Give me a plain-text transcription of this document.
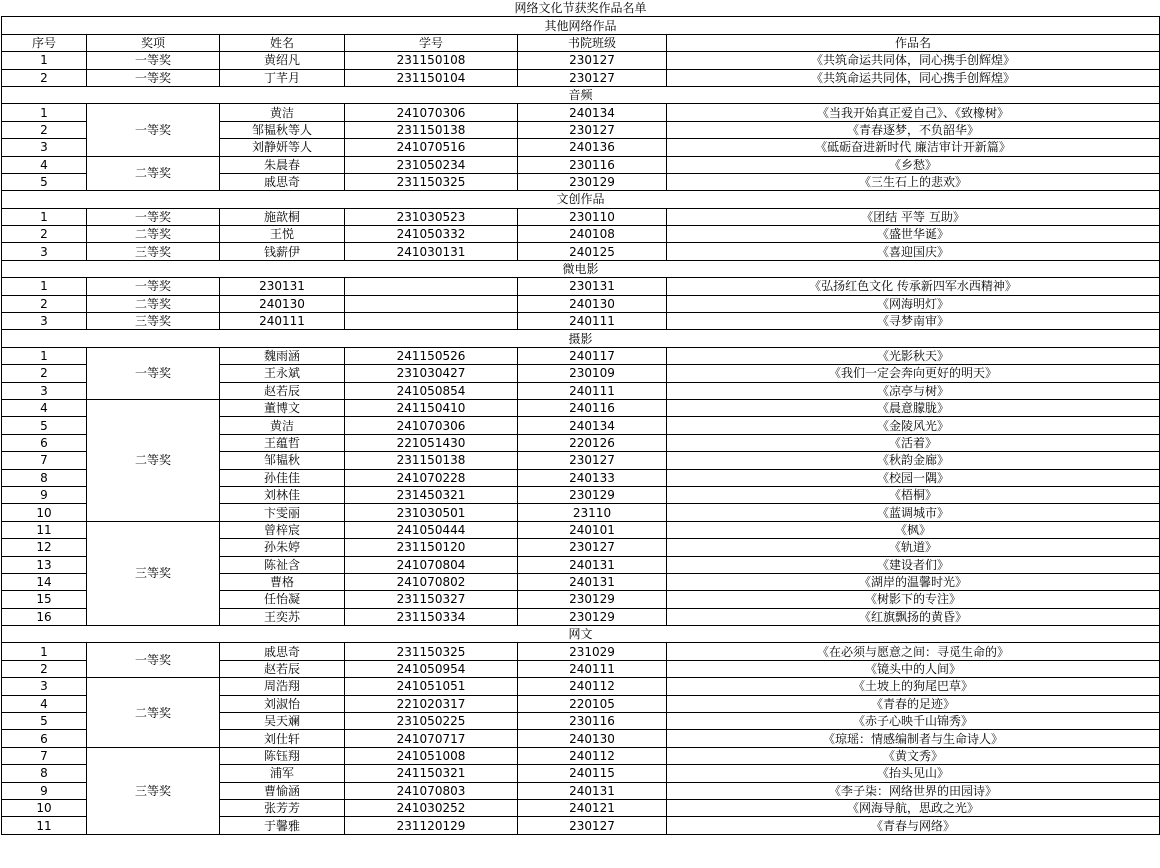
网络文化节获奖作品名单					
其他网络作品					
序号	奖项	姓名	学号	书院班级	作品名
1	一等奖	黄绍凡	231150108	230127	《共筑命运共同体，同心携手创辉煌》
2	一等奖	丁芊月	231150104	230127	《共筑命运共同体，同心携手创辉煌》
音频					
1	一等奖	黄洁	241070306	240134	《当我开始真正爱自己》、《致橡树》
2		邹韫秋等人	231150138	230127	《青春逐梦，不负韶华》
3		刘静妍等人	241070516	240136	《砥砺奋进新时代 廉洁审计开新篇》
4	二等奖	朱晨春	231050234	230116	《乡愁》
5		戚思奇	231150325	230129	《三生石上的悲欢》
文创作品					
1	一等奖	施歆桐	231030523	230110	《团结 平等 互助》
2	二等奖	王悦	241050332	240108	《盛世华诞》
3	三等奖	钱薪伊	241030131	240125	《喜迎国庆》
微电影					
1	一等奖	230131		230131	《弘扬红色文化 传承新四军水西精神》
2	二等奖	240130		240130	《网海明灯》
3	三等奖	240111		240111	《寻梦南审》
摄影					
1	一等奖	魏雨涵	241150526	240117	《光影秋天》
2		王永斌	231030427	230109	《我们一定会奔向更好的明天》
3		赵若辰	241050854	240111	《凉亭与树》
4	二等奖	董博文	241150410	240116	《晨意朦胧》
5		黄洁	241070306	240134	《金陵风光》
6		王蕴哲	221051430	220126	《活着》
7		邹韫秋	231150138	230127	《秋韵金廊》
8		孙佳佳	241070228	240133	《校园一隅》
9		刘林佳	231450321	230129	《梧桐》
10		卞雯丽	231030501	23110	《蓝调城市》
11	三等奖	曾梓宸	241050444	240101	《枫》
12		孙朱婷	231150120	230127	《轨道》
13		陈祉含	241070804	240131	《建设者们》
14		曹格	241070802	240131	《湖岸的温馨时光》
15		任怡凝	231150327	230129	《树影下的专注》
16		王奕苏	231150334	230129	《红旗飘扬的黄昏》
网文					
1	一等奖	戚思奇	231150325	231029	《在必须与愿意之间：寻觅生命的》
2		赵若辰	241050954	240111	《镜头中的人间》
3	二等奖	周浩翔	241051051	240112	《土坡上的狗尾巴草》
4		刘淑怡	221020317	220105	《青春的足迹》
5		吴天斓	231050225	230116	《赤子心映千山锦秀》
6		刘仕轩	241070717	240130	《琼瑶：情感编制者与生命诗人》
7	三等奖	陈钰翔	241051008	240112	《黄文秀》
8		浦军	241150321	240115	《抬头见山》
9		曹愉涵	241070803	240131	《李子柒：网络世界的田园诗》
10		张芳芳	241030252	240121	《网海导航，思政之光》
11		于馨雅	231120129	230127	《青春与网络》
